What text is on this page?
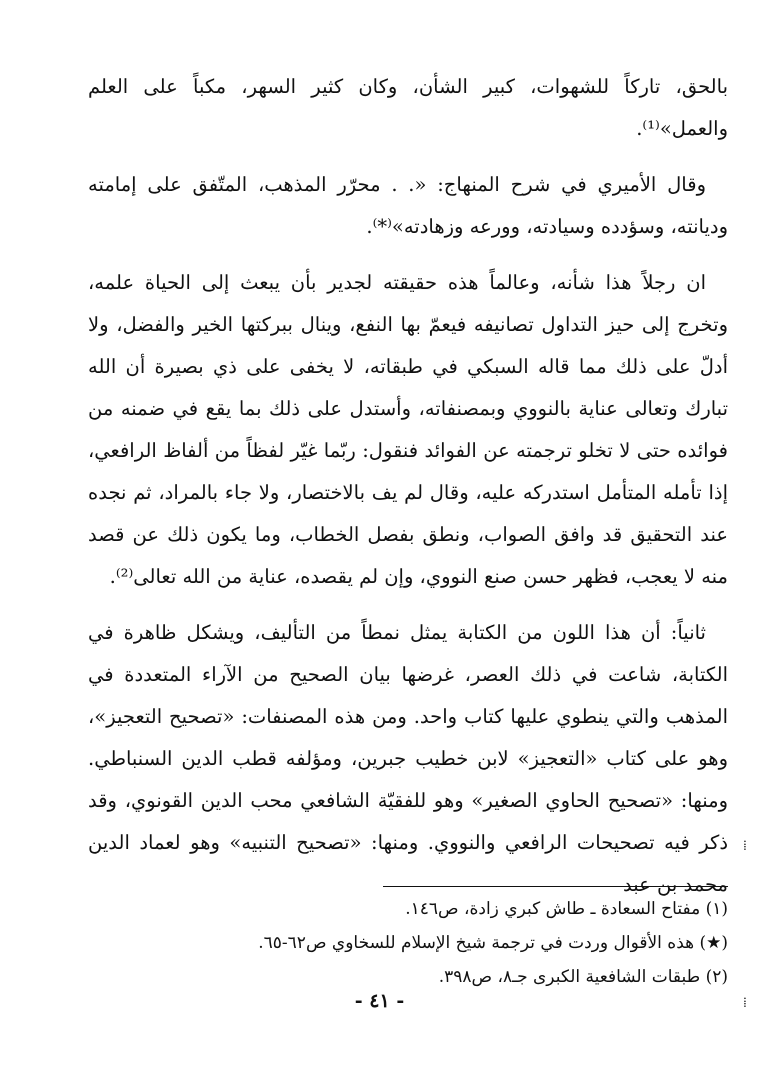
بالحق، تاركاً للشهوات، كبير الشأن، وكان كثير السهر، مكباً على العلم والعمل»⁽¹⁾.

وقال الأميري في شرح المنهاج: «. . محرّر المذهب، المتّفق على إمامته وديانته، وسؤدده وسيادته، وورعه وزهادته»⁽*⁾.

ان رجلاً هذا شأنه، وعالماً هذه حقيقته لجدير بأن يبعث إلى الحياة علمه، وتخرج إلى حيز التداول تصانيفه فيعمّ بها النفع، وينال ببركتها الخير والفضل، ولا أدلّ على ذلك مما قاله السبكي في طبقاته، لا يخفى على ذي بصيرة أن الله تبارك وتعالى عناية بالنووي وبمصنفاته، وأستدل على ذلك بما يقع في ضمنه من فوائده حتى لا تخلو ترجمته عن الفوائد فنقول: ربّما غيّر لفظاً من ألفاظ الرافعي، إذا تأمله المتأمل استدركه عليه، وقال لم يف بالاختصار، ولا جاء بالمراد، ثم نجده عند التحقيق قد وافق الصواب، ونطق بفصل الخطاب، وما يكون ذلك عن قصد منه لا يعجب، فظهر حسن صنع النووي، وإن لم يقصده، عناية من الله تعالى⁽²⁾.

ثانياً: أن هذا اللون من الكتابة يمثل نمطاً من التأليف، ويشكل ظاهرة في الكتابة، شاعت في ذلك العصر، غرضها بيان الصحيح من الآراء المتعددة في المذهب والتي ينطوي عليها كتاب واحد. ومن هذه المصنفات: «تصحيح التعجيز»، وهو على كتاب «التعجيز» لابن خطيب جبرين، ومؤلفه قطب الدين السنباطي. ومنها: «تصحيح الحاوي الصغير» وهو للفقيّة الشافعي محب الدين القونوي، وقد ذكر فيه تصحيحات الرافعي والنووي. ومنها: «تصحيح التنبيه» وهو لعماد الدين محمد بن عبد

(١) مفتاح السعادة ـ طاش كبري زادة، ص١٤٦.

(★) هذه الأقوال وردت في ترجمة شيخ الإسلام للسخاوي ص٦٢-٦٥.

(٢) طبقات الشافعية الكبرى جـ٨، ص٣٩٨.

- ٤١ -
⁞
⁞
